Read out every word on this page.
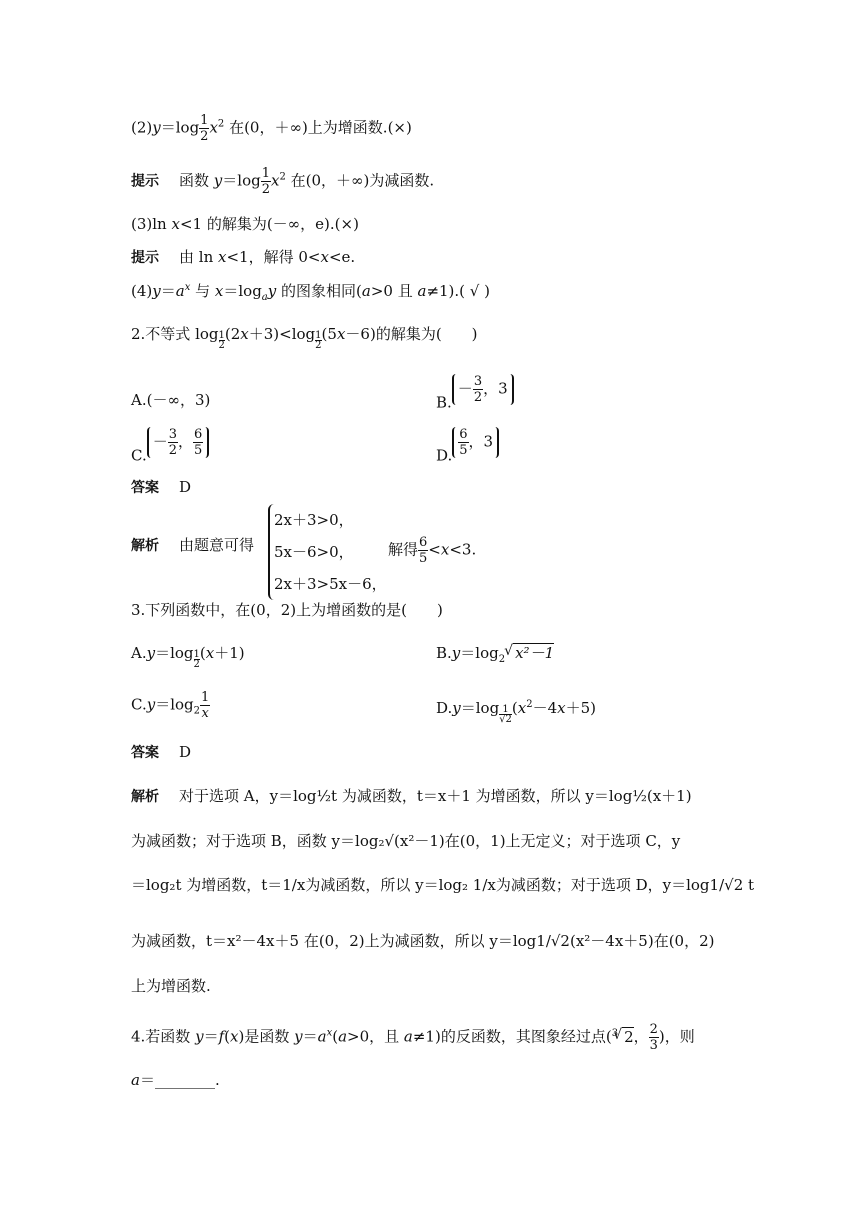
$(2)y=\log \frac{1}{2} x^2$ 在(0，＋∞)上为增函数.(×)
提示 函数 $y=\log \frac{1}{2} x^2$ 在(0，＋∞)为减函数.
(3)ln x<1 的解集为(－∞，e).(×)
提示 由 ln x<1，解得 0<x<e.
$(4)y=a^x$ 与 $x=\log_ay$ 的图象相同(a>0 且 a≠1).( √ )
2.不等式 $\log \frac{1}{2} (2x+3)<\log \frac{1}{2} (5x-6)$的解集为(　　)
A.(－∞，3)	$B.- \frac{3}{2}$ ，3
$C.- \frac{3}{2}$ ， $\frac{6}{5}$	D. $\frac{6}{5}$ ，3
答案 D
解析 由题意可得
2x＋3>0，
5x－6>0，
2x＋3>5x－6，
解得 $\frac{6}{5} <x<3$.
3.下列函数中，在(0，2)上为增函数的是(　　)
$A.y=\log \frac{1}{2} (x+1)$	$B.y=\log_2√$ x²－1
$C.y=\log_2 \frac{1}{x}$	$D.y=\log \frac{1}{√2} (x^2-4x+5)$
答案 D
解析 对于选项 A，y＝log½t 为减函数，t＝x＋1 为增函数，所以 y＝log½(x＋1)
为减函数；对于选项 B，函数 y＝log₂√(x²－1)在(0，1)上无定义；对于选项 C，y
＝log₂t 为增函数，t＝1/x为减函数，所以 y＝log₂ 1/x为减函数；对于选项 D，y＝log1/√2 t
为减函数，t＝x²－4x＋5 在(0，2)上为减函数，所以 y＝log1/√2(x²－4x＋5)在(0，2)
上为增函数.
4.若函数 y＝f(x)是函数 $y=a^x(a>0$，且 a≠1)的反函数，其图象经过点($^3$√ 2， $\frac{2}{3}$ )，则
a＝________.
